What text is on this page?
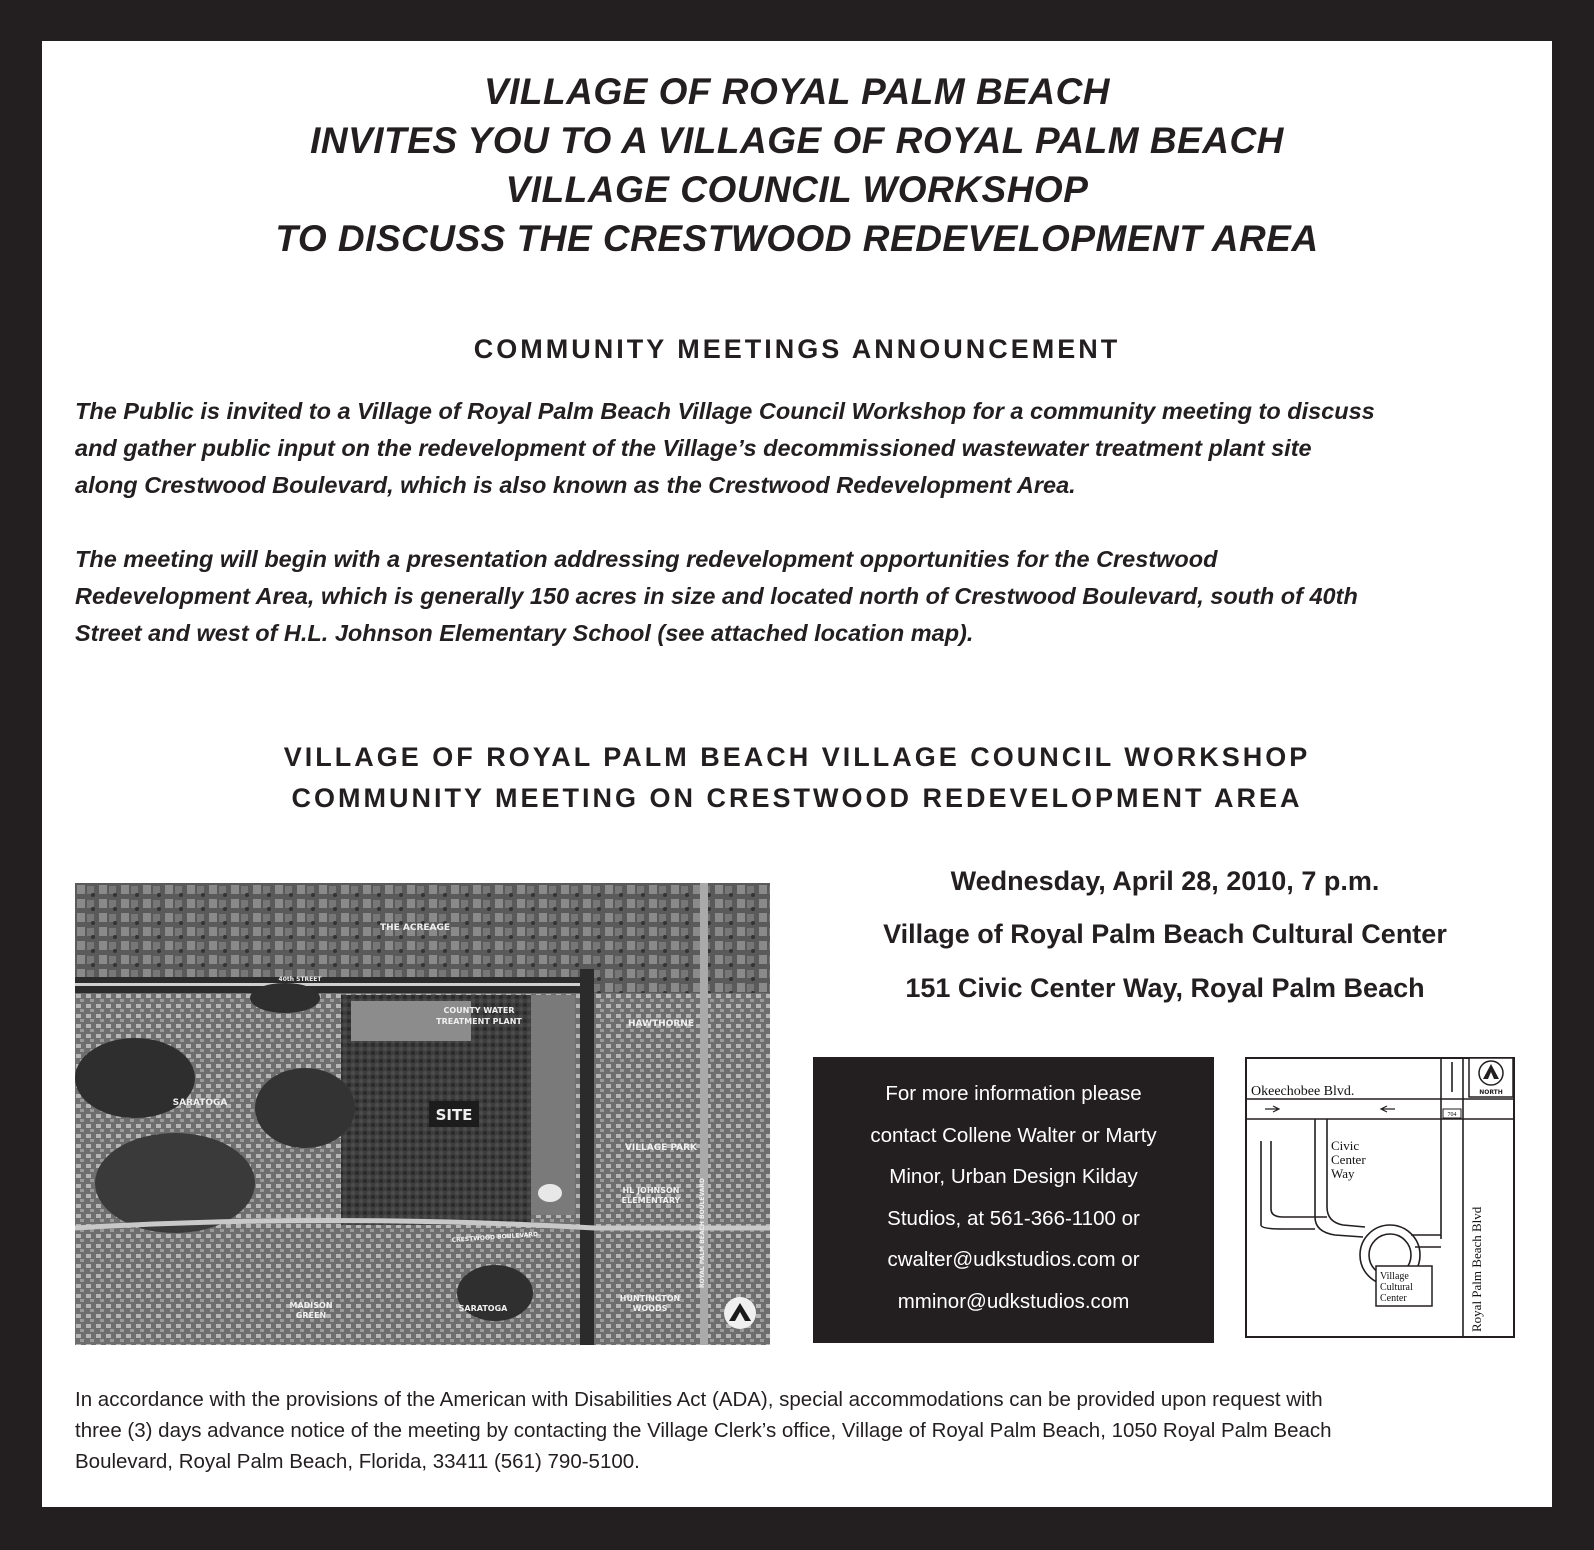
VILLAGE OF ROYAL PALM BEACH
INVITES YOU TO A VILLAGE OF ROYAL PALM BEACH
VILLAGE COUNCIL WORKSHOP
TO DISCUSS THE CRESTWOOD REDEVELOPMENT AREA
COMMUNITY MEETINGS ANNOUNCEMENT

The Public is invited to a Village of Royal Palm Beach Village Council Workshop for a community meeting to discuss
and gather public input on the redevelopment of the Village’s decommissioned wastewater treatment plant site
along Crestwood Boulevard, which is also known as the Crestwood Redevelopment Area.

The meeting will begin with a presentation addressing redevelopment opportunities for the Crestwood
Redevelopment Area, which is generally 150 acres in size and located north of Crestwood Boulevard, south of 40th
Street and west of H.L. Johnson Elementary School (see attached location map).

VILLAGE OF ROYAL PALM BEACH VILLAGE COUNCIL WORKSHOP
COMMUNITY MEETING ON CRESTWOOD REDEVELOPMENT AREA
THE ACREAGE
40th STREET
COUNTY WATER
TREATMENT PLANT	HAWTHORNE
SARATOGA
SITE
VILLAGE PARK
HL JOHNSON
ELEMENTARY
CRESTWOOD BOULEVARD	ROYAL PALM BEACH BOULEVARD
MADISON
GREEN
SARATOGA
HUNTINGTON
WOODS
Wednesday, April 28, 2010, 7 p.m.
Village of Royal Palm Beach Cultural Center
151 Civic Center Way, Royal Palm Beach
For more information please
contact Collene Walter or Marty
Minor, Urban Design Kilday
Studios, at 561-366-1100 or
cwalter@udkstudios.com or
mminor@udkstudios.com
704
Okeechobee Blvd.	NORTH
Civic
Center
Way
Royal Palm Beach Blvd
Village
Cultural
Center

In accordance with the provisions of the American with Disabilities Act (ADA), special accommodations can be provided upon request with
three (3) days advance notice of the meeting by contacting the Village Clerk’s office, Village of Royal Palm Beach, 1050 Royal Palm Beach
Boulevard, Royal Palm Beach, Florida, 33411 (561) 790-5100.
